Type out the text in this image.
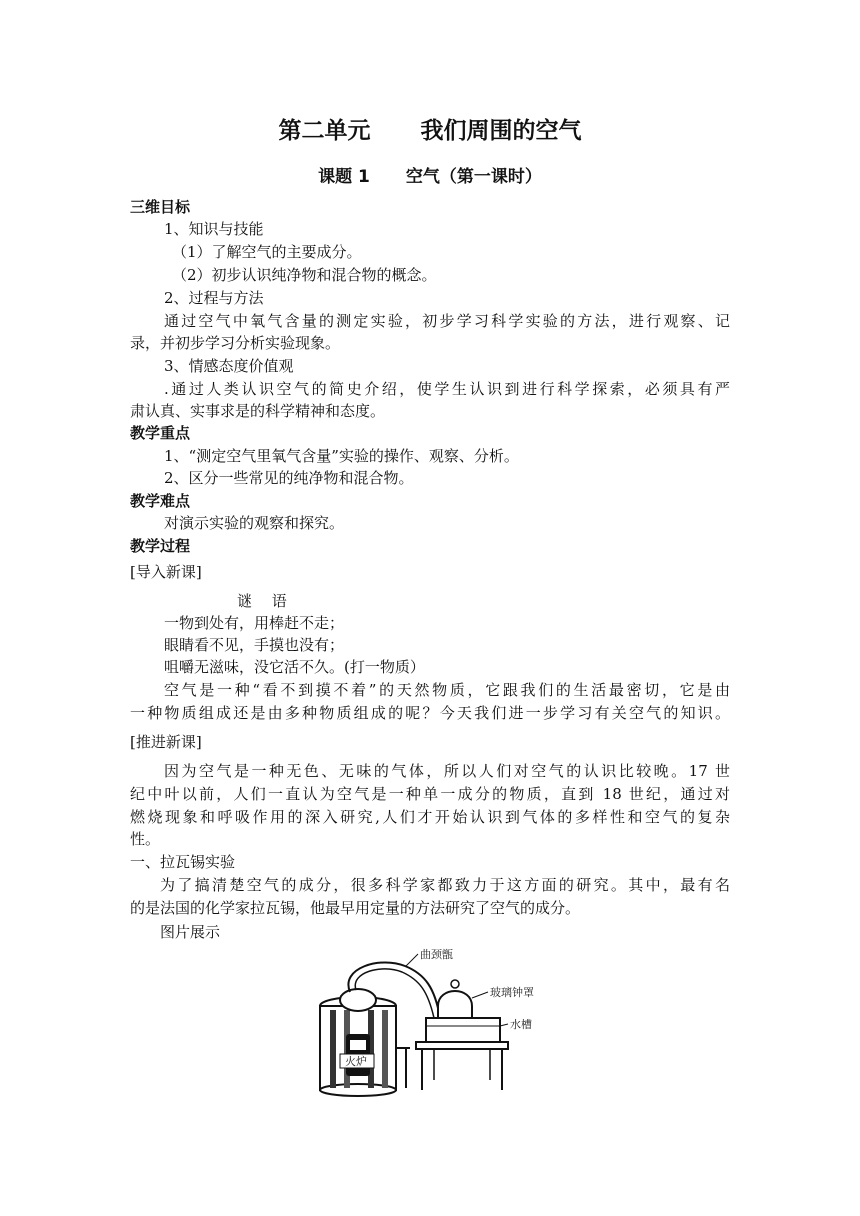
第二单元 我们周围的空气
课题 1 空气（第一课时）
三维目标
1、知识与技能
（1）了解空气的主要成分。
（2）初步认识纯净物和混合物的概念。
2、过程与方法
通过空气中氧气含量的测定实验，初步学习科学实验的方法，进行观察、记
录，并初步学习分析实验现象。
3、情感态度价值观
.通过人类认识空气的简史介绍，使学生认识到进行科学探索，必须具有严
肃认真、实事求是的科学精神和态度。
教学重点
1、“测定空气里氧气含量”实验的操作、观察、分析。
2、区分一些常见的纯净物和混合物。
教学难点
对演示实验的观察和探究。
教学过程
[导入新课]
谜　 语
一物到处有，用棒赶不走；
眼睛看不见，手摸也没有；
咀嚼无滋味，没它活不久。(打一物质）
空气是一种“看不到摸不着”的天然物质，它跟我们的生活最密切，它是由
一种物质组成还是由多种物质组成的呢？今天我们进一步学习有关空气的知识。
[推进新课]
因为空气是一种无色、无味的气体，所以人们对空气的认识比较晚。17 世
纪中叶以前，人们一直认为空气是一种单一成分的物质，直到 18 世纪，通过对
燃烧现象和呼吸作用的深入研究,人们才开始认识到气体的多样性和空气的复杂
性。
一、拉瓦锡实验
为了搞清楚空气的成分，很多科学家都致力于这方面的研究。其中，最有名
的是法国的化学家拉瓦锡，他最早用定量的方法研究了空气的成分。
图片展示
火炉
曲颈甑
玻璃钟罩
水槽
